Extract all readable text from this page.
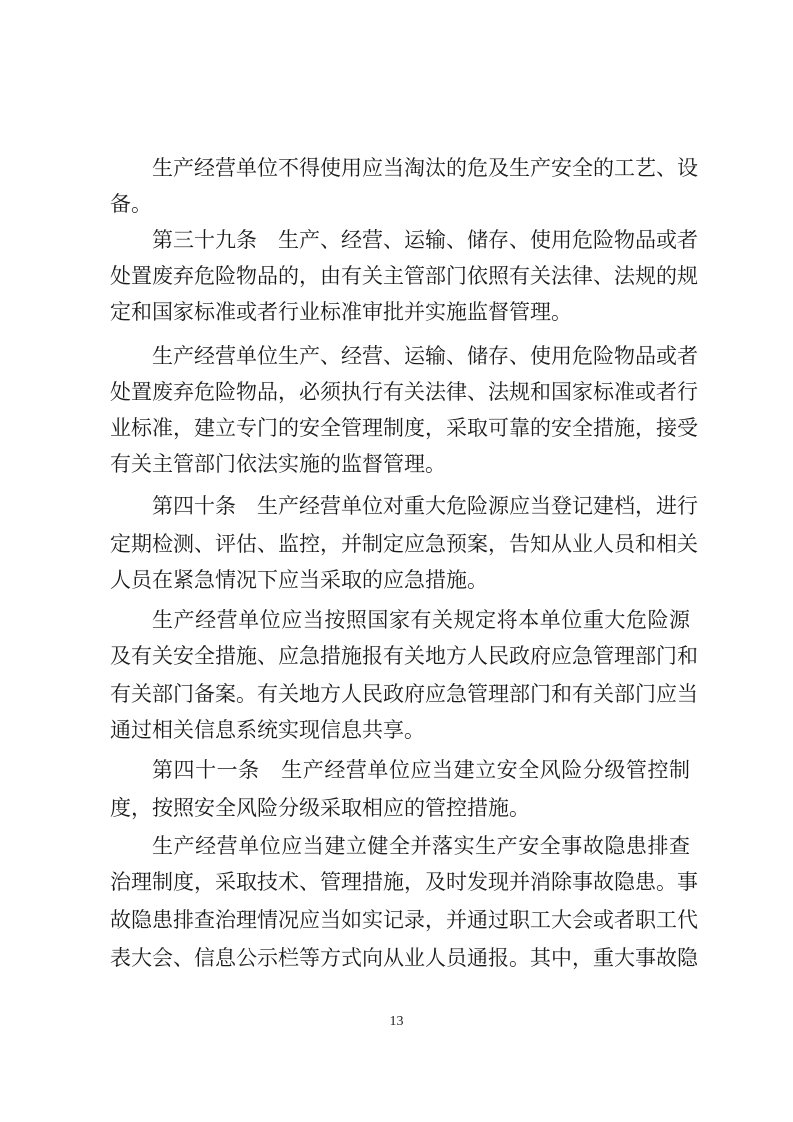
生产经营单位不得使用应当淘汰的危及生产安全的工艺、设
备。
第三十九条　生产、经营、运输、储存、使用危险物品或者
处置废弃危险物品的，由有关主管部门依照有关法律、法规的规
定和国家标准或者行业标准审批并实施监督管理。
生产经营单位生产、经营、运输、储存、使用危险物品或者
处置废弃危险物品，必须执行有关法律、法规和国家标准或者行
业标准，建立专门的安全管理制度，采取可靠的安全措施，接受
有关主管部门依法实施的监督管理。
第四十条　生产经营单位对重大危险源应当登记建档，进行
定期检测、评估、监控，并制定应急预案，告知从业人员和相关
人员在紧急情况下应当采取的应急措施。
生产经营单位应当按照国家有关规定将本单位重大危险源
及有关安全措施、应急措施报有关地方人民政府应急管理部门和
有关部门备案。有关地方人民政府应急管理部门和有关部门应当
通过相关信息系统实现信息共享。
第四十一条　生产经营单位应当建立安全风险分级管控制
度，按照安全风险分级采取相应的管控措施。
生产经营单位应当建立健全并落实生产安全事故隐患排查
治理制度，采取技术、管理措施，及时发现并消除事故隐患。事
故隐患排查治理情况应当如实记录，并通过职工大会或者职工代
表大会、信息公示栏等方式向从业人员通报。其中，重大事故隐
13
